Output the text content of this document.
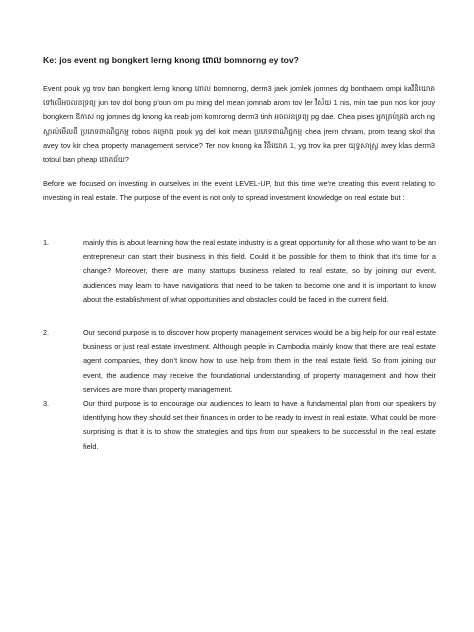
Ke: jos event ng bongkert lerng knong ពោល bomnorng ey tov?
Event pouk yg trov ban bongkert lerng knong ពោល bomnorng, derm3 jaek jomlek jomnes dg bonthaem ompi kaវិនិយោគទៅលើអចលនទ្រព្យ jun tov dol bong p'oun om pu ming del mean jomnab arom tov ler វិស័យ 1 nis, min tae pun nos kor jouy bongkern ឱកាស ng jomnes dg knong ka reab jom komrorng derm3 tinh អចលនទ្រព្យ pg dae. Chea pises អ្នកគ្រប់គ្រង arch ng ស្គាល់មើលពី ប្រភេទពាណិជ្ជកម្ម robos គម្រោង pouk yg del koit mean ប្រភេទពាណិជ្ជកម្ម chea jrern chnam, prom teang skol tha avey tov kir chea property management service? Ter nov knong ka វិនិយោគ 1, yg trov ka prer យុទ្ធសាស្ត្រ avey klas derm3 totoul ban pheap ជោគជ័យ?
Before we focused on investing in ourselves in the event LEVEL-UP, but this time we’re creating this event relating to investing in real estate. The purpose of the event is not only to spread investment knowledge on real estate but :
1.	mainly this is about learning how the real estate industry is a great opportunity for all those who want to be an entrepreneur can start their business in this field. Could it be possible for them to think that it’s time for a change? Moreover, there are many startups business related to real estate, so by joining our event, audiences may learn to have navigations that need to be taken to become one and it is important to know about the establishment of what opportunities and obstacles could be faced in the current field.
2.	Our second purpose is to discover how property management services would be a big help for our real estate business or just real estate investment. Although people in Cambodia mainly know that there are real estate agent companies, they don’t know how to use help from them in the real estate field. So from joining our event, the audience may receive the foundational understanding of property management and how their services are more than property management.
3.	Our third purpose is to encourage our audiences to learn to have a fundamental plan from our speakers by identifying how they should set their finances in order to be ready to invest in real estate. What could be more surprising is that it is to show the strategies and tips from our speakers to be successful in the real estate field.
